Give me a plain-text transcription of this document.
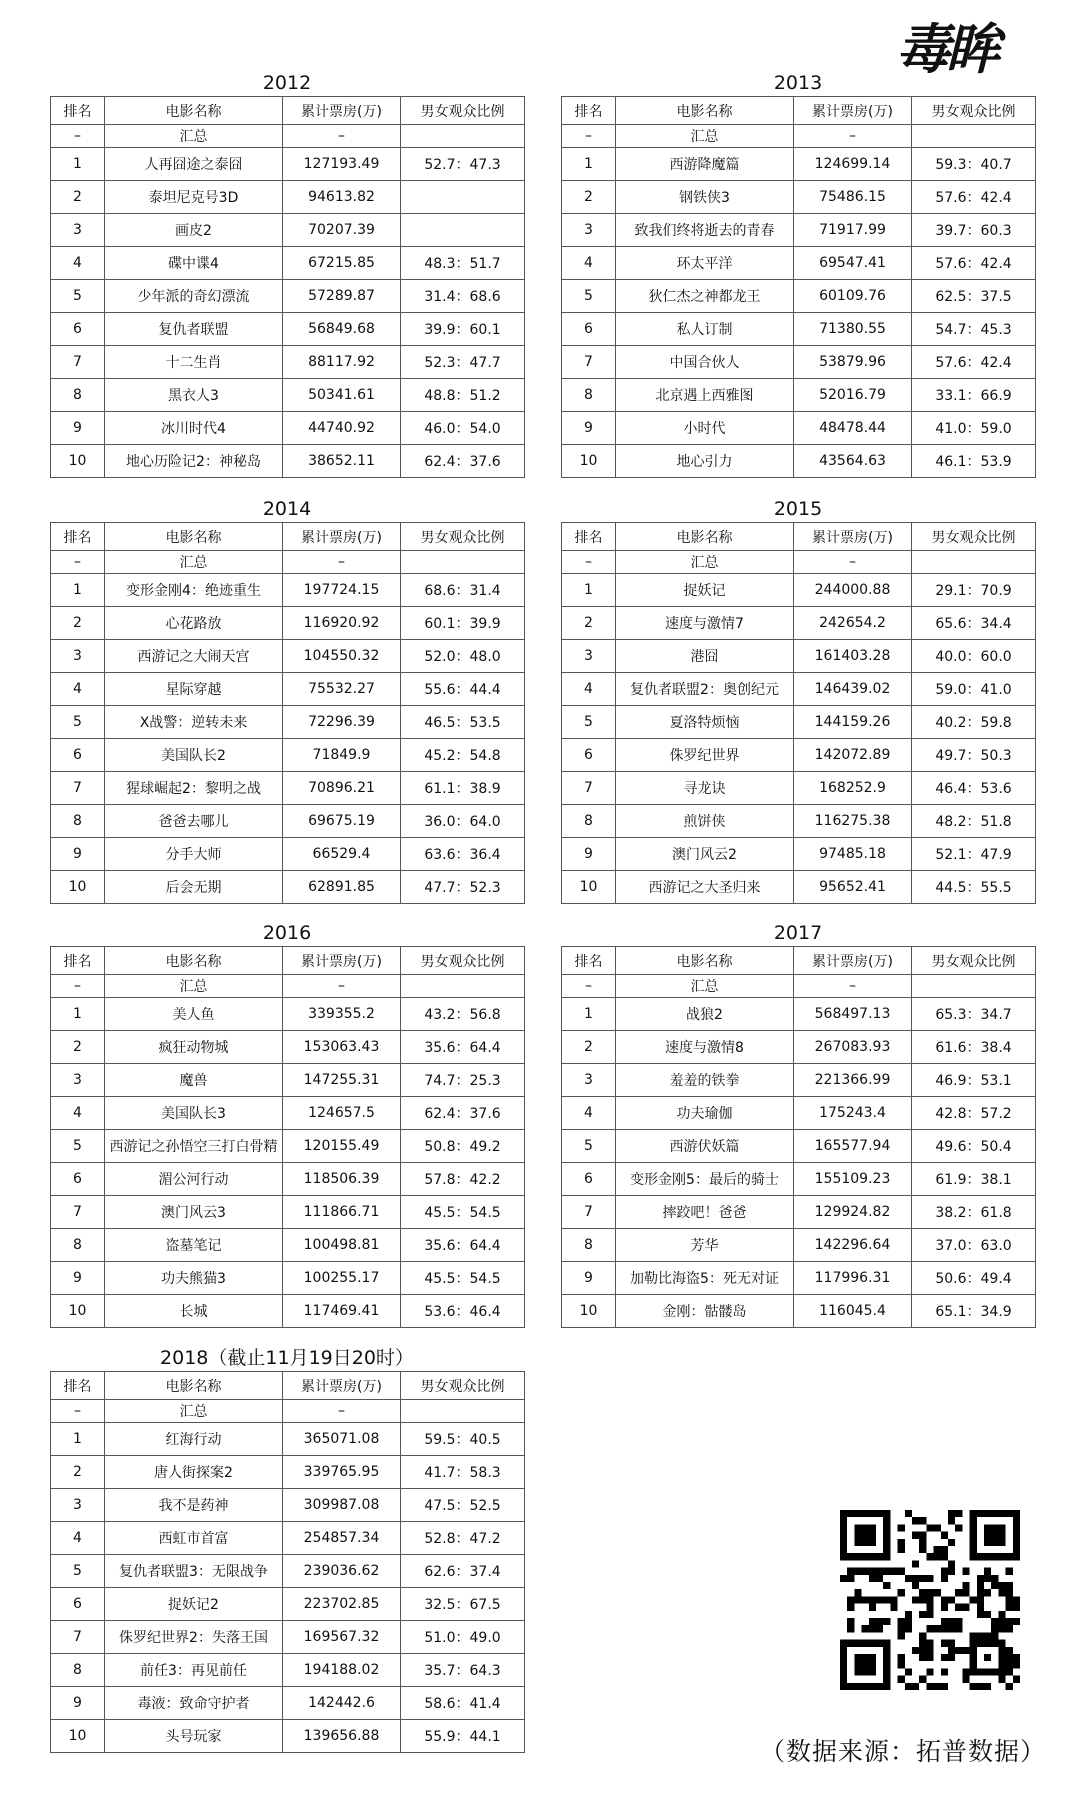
毒眸
2012
排名	电影名称	累计票房(万)	男女观众比例
–	汇总	–	
1	人再囧途之泰囧	127193.49	52.7：47.3
2	泰坦尼克号3D	94613.82	
3	画皮2	70207.39	
4	碟中谍4	67215.85	48.3：51.7
5	少年派的奇幻漂流	57289.87	31.4：68.6
6	复仇者联盟	56849.68	39.9：60.1
7	十二生肖	88117.92	52.3：47.7
8	黑衣人3	50341.61	48.8：51.2
9	冰川时代4	44740.92	46.0：54.0
10	地心历险记2：神秘岛	38652.11	62.4：37.6
2013
排名	电影名称	累计票房(万)	男女观众比例
–	汇总	–	
1	西游降魔篇	124699.14	59.3：40.7
2	钢铁侠3	75486.15	57.6：42.4
3	致我们终将逝去的青春	71917.99	39.7：60.3
4	环太平洋	69547.41	57.6：42.4
5	狄仁杰之神都龙王	60109.76	62.5：37.5
6	私人订制	71380.55	54.7：45.3
7	中国合伙人	53879.96	57.6：42.4
8	北京遇上西雅图	52016.79	33.1：66.9
9	小时代	48478.44	41.0：59.0
10	地心引力	43564.63	46.1：53.9
2014
排名	电影名称	累计票房(万)	男女观众比例
–	汇总	–	
1	变形金刚4：绝迹重生	197724.15	68.6：31.4
2	心花路放	116920.92	60.1：39.9
3	西游记之大闹天宫	104550.32	52.0：48.0
4	星际穿越	75532.27	55.6：44.4
5	X战警：逆转未来	72296.39	46.5：53.5
6	美国队长2	71849.9	45.2：54.8
7	猩球崛起2：黎明之战	70896.21	61.1：38.9
8	爸爸去哪儿	69675.19	36.0：64.0
9	分手大师	66529.4	63.6：36.4
10	后会无期	62891.85	47.7：52.3
2015
排名	电影名称	累计票房(万)	男女观众比例
–	汇总	–	
1	捉妖记	244000.88	29.1：70.9
2	速度与激情7	242654.2	65.6：34.4
3	港囧	161403.28	40.0：60.0
4	复仇者联盟2：奥创纪元	146439.02	59.0：41.0
5	夏洛特烦恼	144159.26	40.2：59.8
6	侏罗纪世界	142072.89	49.7：50.3
7	寻龙诀	168252.9	46.4：53.6
8	煎饼侠	116275.38	48.2：51.8
9	澳门风云2	97485.18	52.1：47.9
10	西游记之大圣归来	95652.41	44.5：55.5
2016
排名	电影名称	累计票房(万)	男女观众比例
–	汇总	–	
1	美人鱼	339355.2	43.2：56.8
2	疯狂动物城	153063.43	35.6：64.4
3	魔兽	147255.31	74.7：25.3
4	美国队长3	124657.5	62.4：37.6
5	西游记之孙悟空三打白骨精	120155.49	50.8：49.2
6	湄公河行动	118506.39	57.8：42.2
7	澳门风云3	111866.71	45.5：54.5
8	盗墓笔记	100498.81	35.6：64.4
9	功夫熊猫3	100255.17	45.5：54.5
10	长城	117469.41	53.6：46.4
2017
排名	电影名称	累计票房(万)	男女观众比例
–	汇总	–	
1	战狼2	568497.13	65.3：34.7
2	速度与激情8	267083.93	61.6：38.4
3	羞羞的铁拳	221366.99	46.9：53.1
4	功夫瑜伽	175243.4	42.8：57.2
5	西游伏妖篇	165577.94	49.6：50.4
6	变形金刚5：最后的骑士	155109.23	61.9：38.1
7	摔跤吧！爸爸	129924.82	38.2：61.8
8	芳华	142296.64	37.0：63.0
9	加勒比海盗5：死无对证	117996.31	50.6：49.4
10	金刚：骷髅岛	116045.4	65.1：34.9
2018（截止11月19日20时）
排名	电影名称	累计票房(万)	男女观众比例
–	汇总	–	
1	红海行动	365071.08	59.5：40.5
2	唐人街探案2	339765.95	41.7：58.3
3	我不是药神	309987.08	47.5：52.5
4	西虹市首富	254857.34	52.8：47.2
5	复仇者联盟3：无限战争	239036.62	62.6：37.4
6	捉妖记2	223702.85	32.5：67.5
7	侏罗纪世界2：失落王国	169567.32	51.0：49.0
8	前任3：再见前任	194188.02	35.7：64.3
9	毒液：致命守护者	142442.6	58.6：41.4
10	头号玩家	139656.88	55.9：44.1	（数据来源：拓普数据）
